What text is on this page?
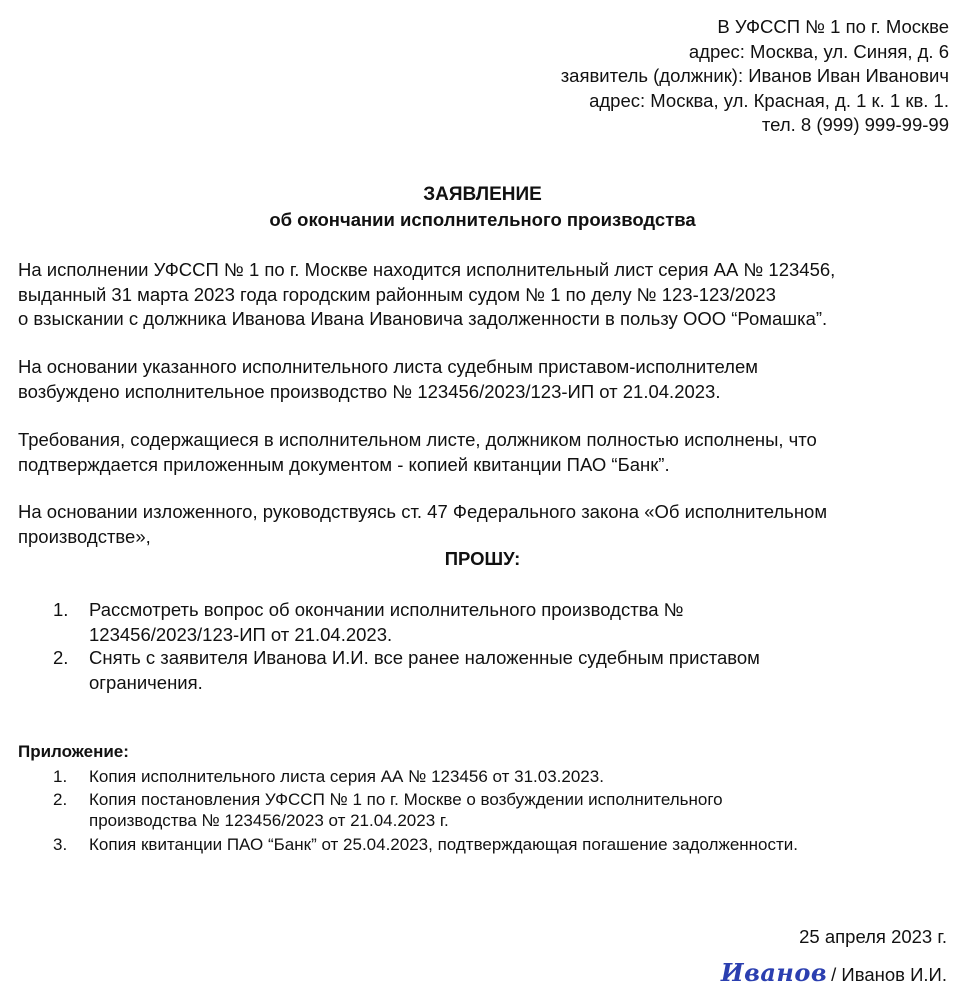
В УФССП № 1 по г. Москве
адрес: Москва, ул. Синяя, д. 6
заявитель (должник): Иванов Иван Иванович
адрес: Москва, ул. Красная, д. 1 к. 1 кв. 1.
тел. 8 (999) 999-99-99
ЗАЯВЛЕНИЕ
об окончании исполнительного производства
На исполнении УФССП № 1 по г. Москве находится исполнительный лист серия АА № 123456,
выданный 31 марта 2023 года городским районным судом № 1 по делу № 123-123/2023
о взыскании с должника Иванова Ивана Ивановича задолженности в пользу ООО “Ромашка”.
На основании указанного исполнительного листа судебным приставом-исполнителем
возбуждено исполнительное производство № 123456/2023/123-ИП от 21.04.2023.
Требования, содержащиеся в исполнительном листе, должником полностью исполнены, что
подтверждается приложенным документом - копией квитанции ПАО “Банк”.
На основании изложенного, руководствуясь ст. 47 Федерального закона «Об исполнительном
производстве»,
ПРОШУ:
1. Рассмотреть вопрос об окончании исполнительного производства №
123456/2023/123-ИП от 21.04.2023.
2. Снять с заявителя Иванова И.И. все ранее наложенные судебным приставом
ограничения.
Приложение:
1. Копия исполнительного листа серия АА № 123456 от 31.03.2023.
2. Копия постановления УФССП № 1 по г. Москве о возбуждении исполнительного
производства № 123456/2023 от 21.04.2023 г.
3. Копия квитанции ПАО “Банк” от 25.04.2023, подтверждающая погашение задолженности.
25 апреля 2023 г.
Иванов / Иванов И.И.
